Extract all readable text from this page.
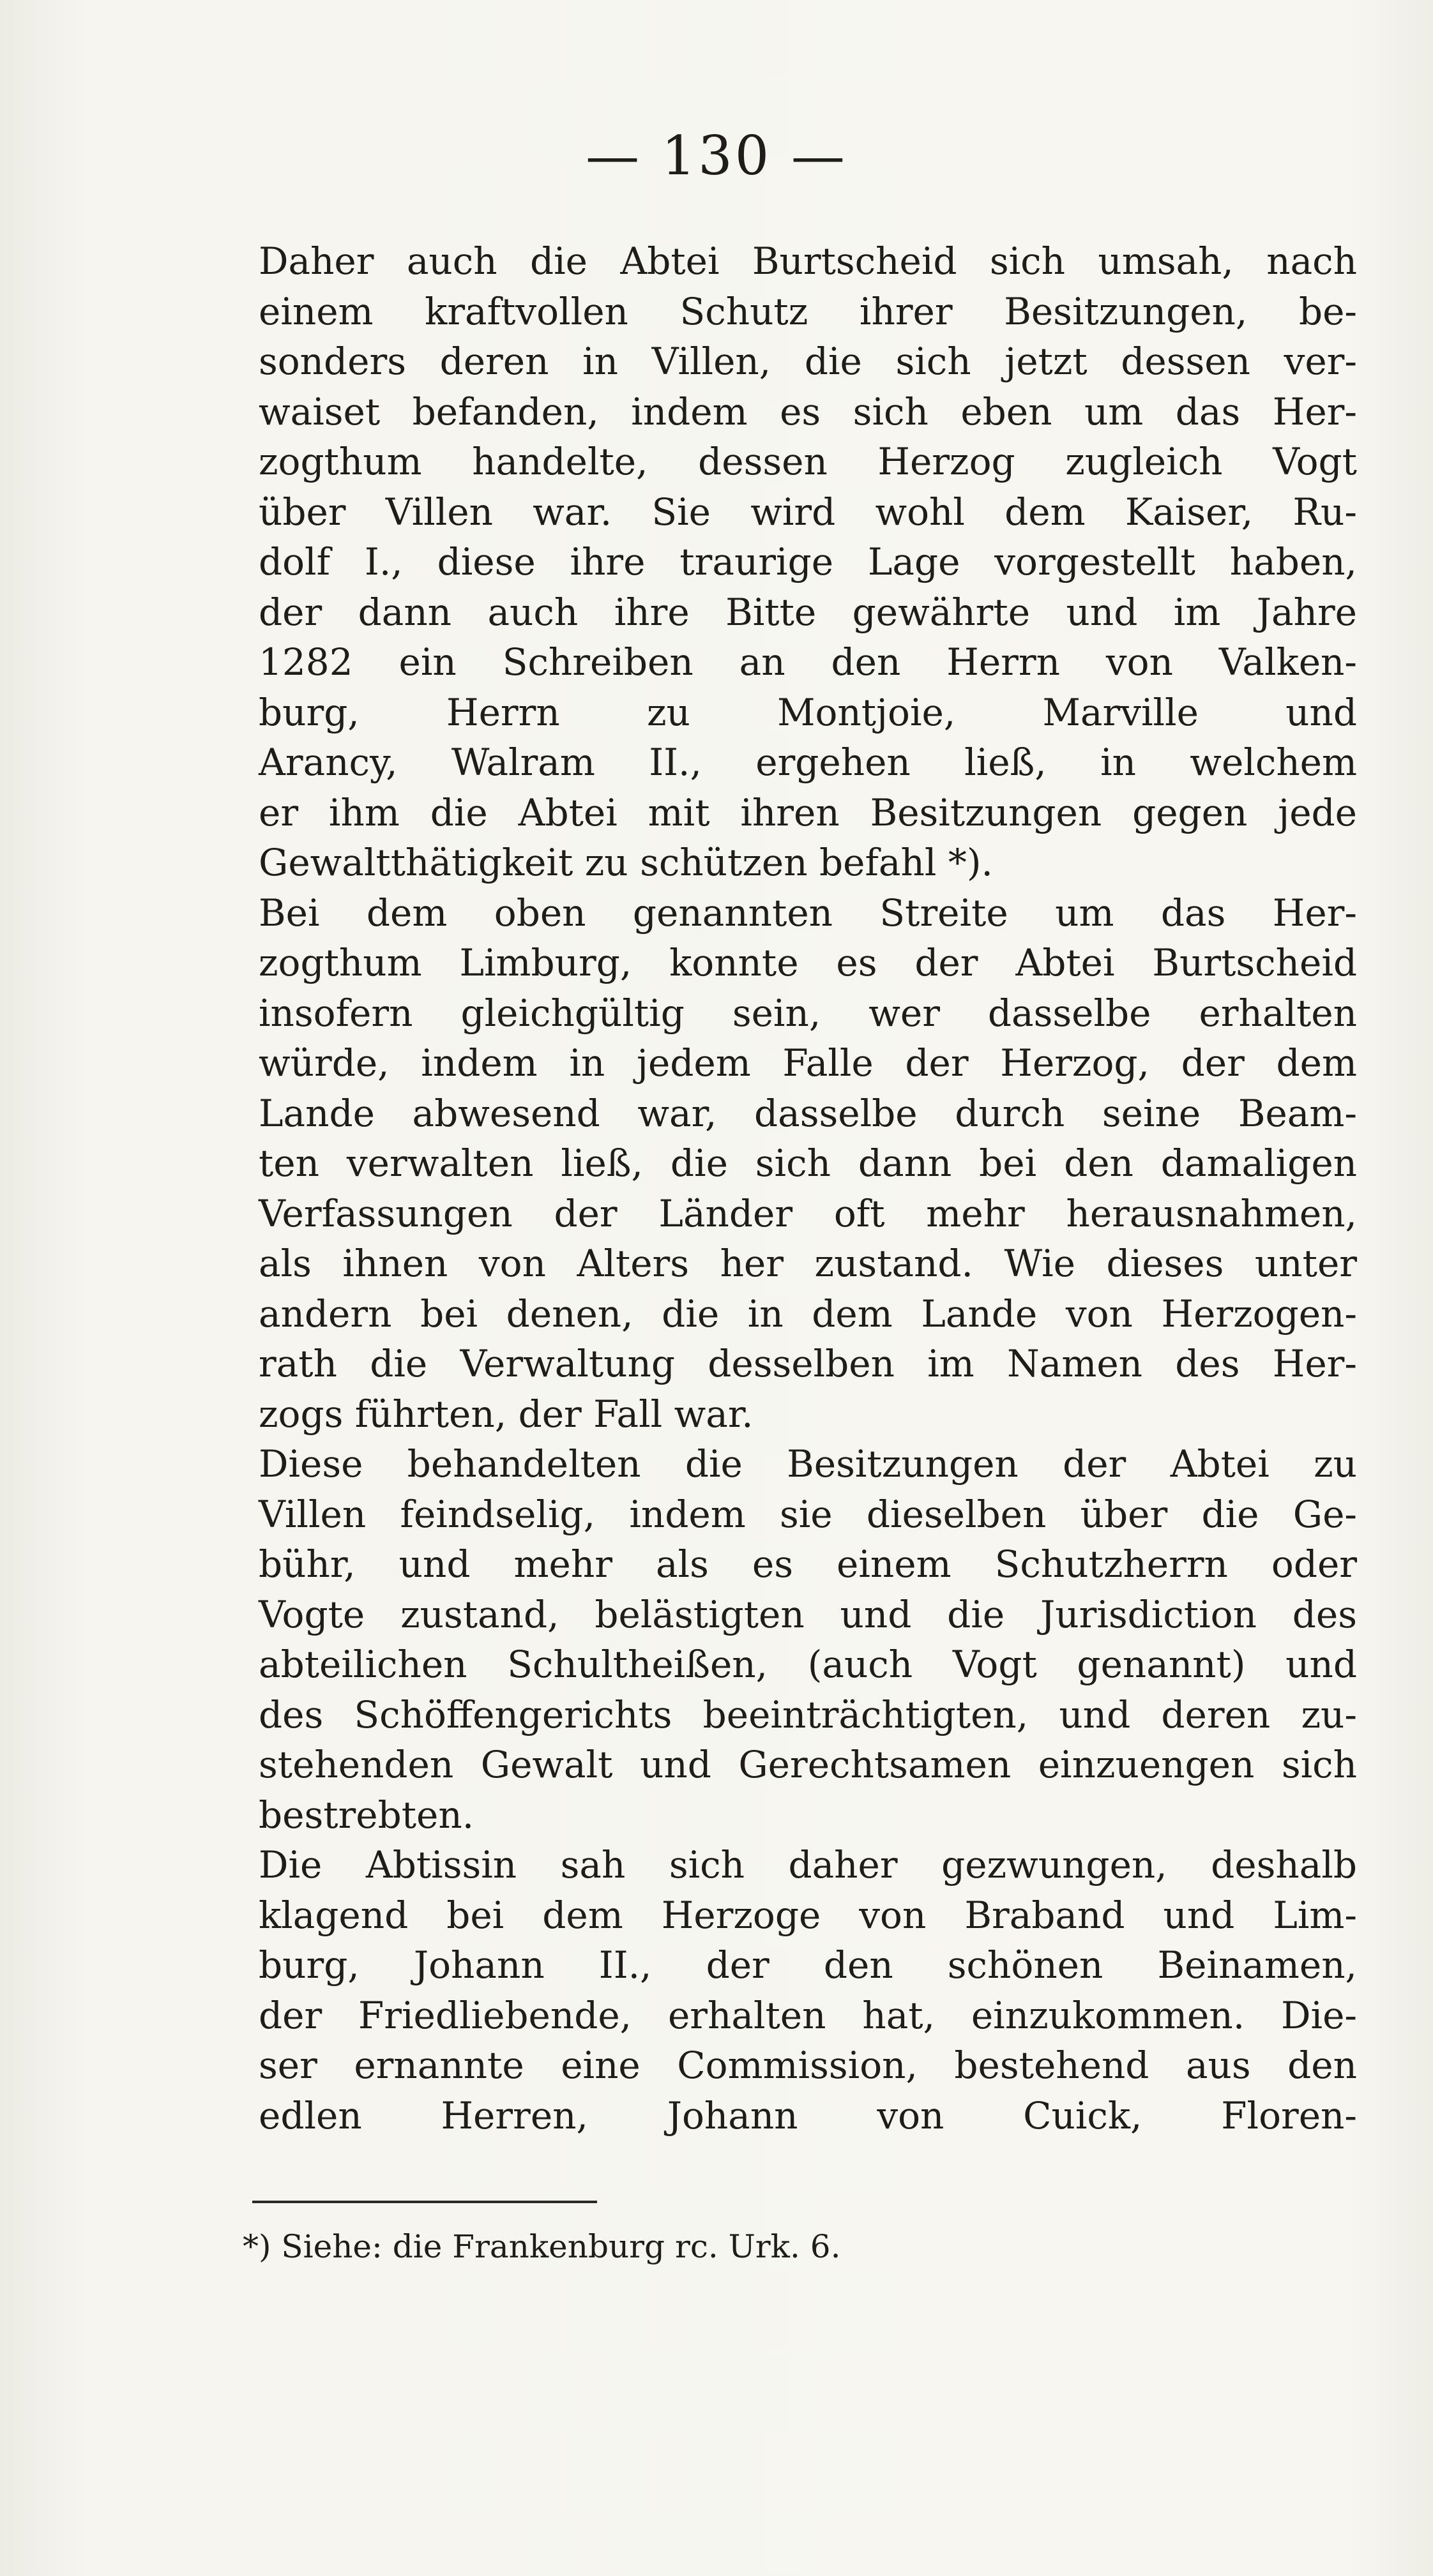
— 130 —
Daher auch die Abtei Burtscheid sich umsah, nach
einem kraftvollen Schutz ihrer Besitzungen, be-
sonders deren in Villen, die sich jetzt dessen ver-
waiset befanden, indem es sich eben um das Her-
zogthum handelte, dessen Herzog zugleich Vogt
über Villen war. Sie wird wohl dem Kaiser, Ru-
dolf I., diese ihre traurige Lage vorgestellt haben,
der dann auch ihre Bitte gewährte und im Jahre
1282 ein Schreiben an den Herrn von Valken-
burg, Herrn zu Montjoie, Marville und
Arancy, Walram II., ergehen ließ, in welchem
er ihm die Abtei mit ihren Besitzungen gegen jede
Gewaltthätigkeit zu schützen befahl *).
Bei dem oben genannten Streite um das Her-
zogthum Limburg, konnte es der Abtei Burtscheid
insofern gleichgültig sein, wer dasselbe erhalten
würde, indem in jedem Falle der Herzog, der dem
Lande abwesend war, dasselbe durch seine Beam-
ten verwalten ließ, die sich dann bei den damaligen
Verfassungen der Länder oft mehr herausnahmen,
als ihnen von Alters her zustand. Wie dieses unter
andern bei denen, die in dem Lande von Herzogen-
rath die Verwaltung desselben im Namen des Her-
zogs führten, der Fall war.
Diese behandelten die Besitzungen der Abtei zu
Villen feindselig, indem sie dieselben über die Ge-
bühr, und mehr als es einem Schutzherrn oder
Vogte zustand, belästigten und die Jurisdiction des
abteilichen Schultheißen, (auch Vogt genannt) und
des Schöffengerichts beeinträchtigten, und deren zu-
stehenden Gewalt und Gerechtsamen einzuengen sich
bestrebten.
Die Abtissin sah sich daher gezwungen, deshalb
klagend bei dem Herzoge von Braband und Lim-
burg, Johann II., der den schönen Beinamen,
der Friedliebende, erhalten hat, einzukommen. Die-
ser ernannte eine Commission, bestehend aus den
edlen Herren, Johann von Cuick, Floren-
*) Siehe: die Frankenburg rc. Urk. 6.
